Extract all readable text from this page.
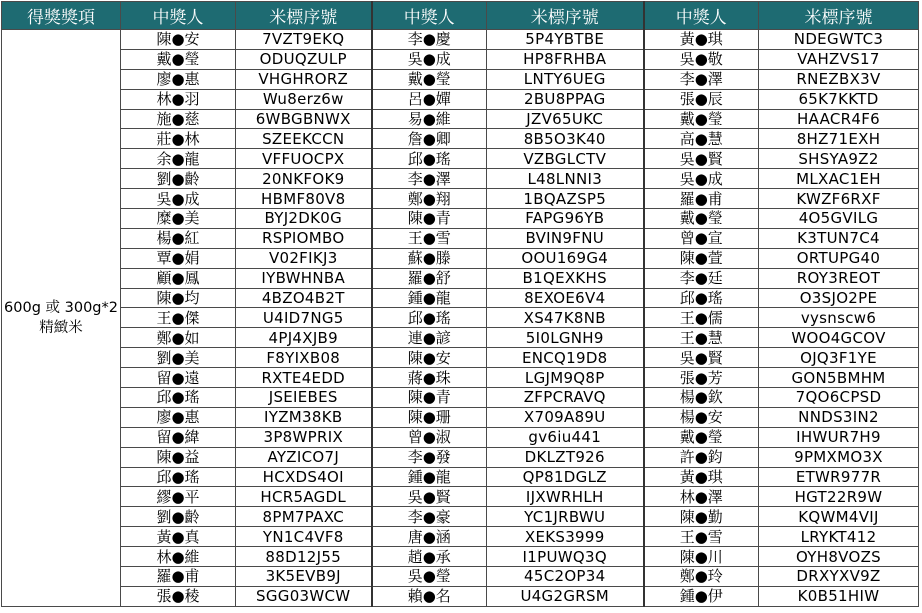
得獎獎項	中獎人	米標序號	中獎人	米標序號	中獎人	米標序號
600g 或 300g*2 精緻米	陳●安	7VZT9EKQ	李●慶	5P4YBTBE	黃●琪	NDEGWTC3
	戴●瑩	ODUQZULP	吳●成	HP8FRHBA	吳●敬	VAHZVS17
	廖●惠	VHGHRORZ	戴●瑩	LNTY6UEG	李●澤	RNEZBX3V
	林●羽	Wu8erz6w	呂●嬋	2BU8PPAG	張●辰	65K7KKTD
	施●慈	6WBGBNWX	易●維	JZV65UKC	戴●瑩	HAACR4F6
	莊●林	SZEEKCCN	詹●卿	8B5O3K40	高●慧	8HZ71EXH
	余●龍	VFFUOCPX	邱●瑤	VZBGLCTV	吳●賢	SHSYA9Z2
	劉●齡	20NKFOK9	李●澤	L48LNNI3	吳●成	MLXAC1EH
	吳●成	HBMF80V8	鄭●翔	1BQAZSP5	羅●甫	KWZF6RXF
	糜●美	BYJ2DK0G	陳●青	FAPG96YB	戴●瑩	4O5GVILG
	楊●紅	RSPIOMBO	王●雪	BVIN9FNU	曾●宣	K3TUN7C4
	覃●娟	V02FIKJ3	蘇●滕	OOU169G4	陳●萱	ORTUPG40
	顧●鳳	IYBWHNBA	羅●舒	B1QEXKHS	李●廷	ROY3REOT
	陳●均	4BZO4B2T	鍾●龍	8EXOE6V4	邱●瑤	O3SJO2PE
	王●傑	U4ID7NG5	邱●瑤	XS47K8NB	王●儒	vysnscw6
	鄭●如	4PJ4XJB9	連●諺	5I0LGNH9	王●慧	WOO4GCOV
	劉●美	F8YIXB08	陳●安	ENCQ19D8	吳●賢	OJQ3F1YE
	留●遠	RXTE4EDD	蔣●珠	LGJM9Q8P	張●芳	GON5BMHM
	邱●瑤	JSEIEBES	陳●青	ZFPCRAVQ	楊●欽	7QO6CPSD
	廖●惠	IYZM38KB	陳●珊	X709A89U	楊●安	NNDS3IN2
	留●緯	3P8WPRIX	曾●淑	gv6iu441	戴●瑩	IHWUR7H9
	陳●益	AYZICO7J	李●發	DKLZT926	許●鈞	9PMXMO3X
	邱●瑤	HCXDS4OI	鍾●龍	QP81DGLZ	黃●琪	ETWR977R
	繆●平	HCR5AGDL	吳●賢	IJXWRHLH	林●澤	HGT22R9W
	劉●齡	8PM7PAXC	李●豪	YC1JRBWU	陳●勤	KQWM4VIJ
	黃●真	YN1C4VF8	唐●涵	XEKS3999	王●雪	LRYKT412
	林●維	88D12J55	趙●承	I1PUWQ3Q	陳●川	OYH8VOZS
	羅●甫	3K5EVB9J	吳●瑩	45C2OP34	鄭●玲	DRXYXV9Z
	張●稜	SGG03WCW	賴●名	U4G2GRSM	鍾●伊	K0B51HIW
